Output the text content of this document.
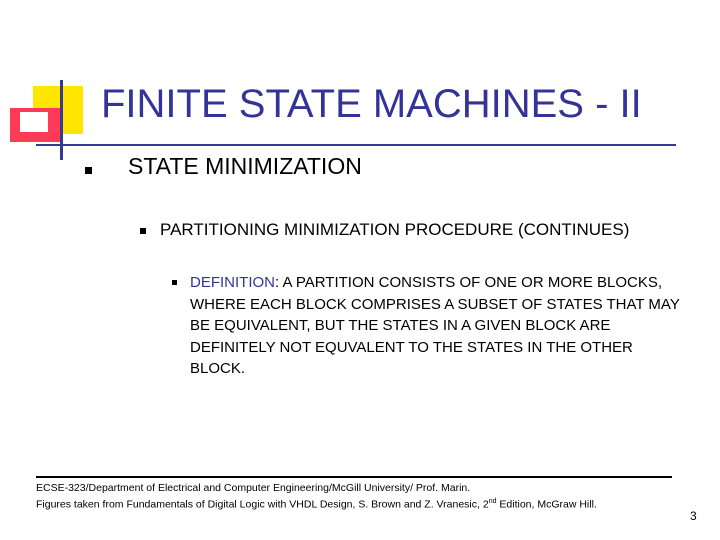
FINITE STATE MACHINES - II
STATE MINIMIZATION
PARTITIONING MINIMIZATION PROCEDURE (CONTINUES)
DEFINITION: A PARTITION CONSISTS OF ONE OR MORE BLOCKS, WHERE EACH BLOCK COMPRISES A SUBSET OF STATES THAT MAY BE EQUIVALENT, BUT THE STATES IN A GIVEN BLOCK ARE DEFINITELY NOT EQUVALENT TO THE STATES IN THE OTHER BLOCK.
ECSE-323/Department of Electrical and Computer Engineering/McGill University/ Prof. Marin.
Figures taken from Fundamentals of Digital Logic with VHDL Design, S. Brown and Z. Vranesic, 2nd Edition, McGraw Hill.
3
